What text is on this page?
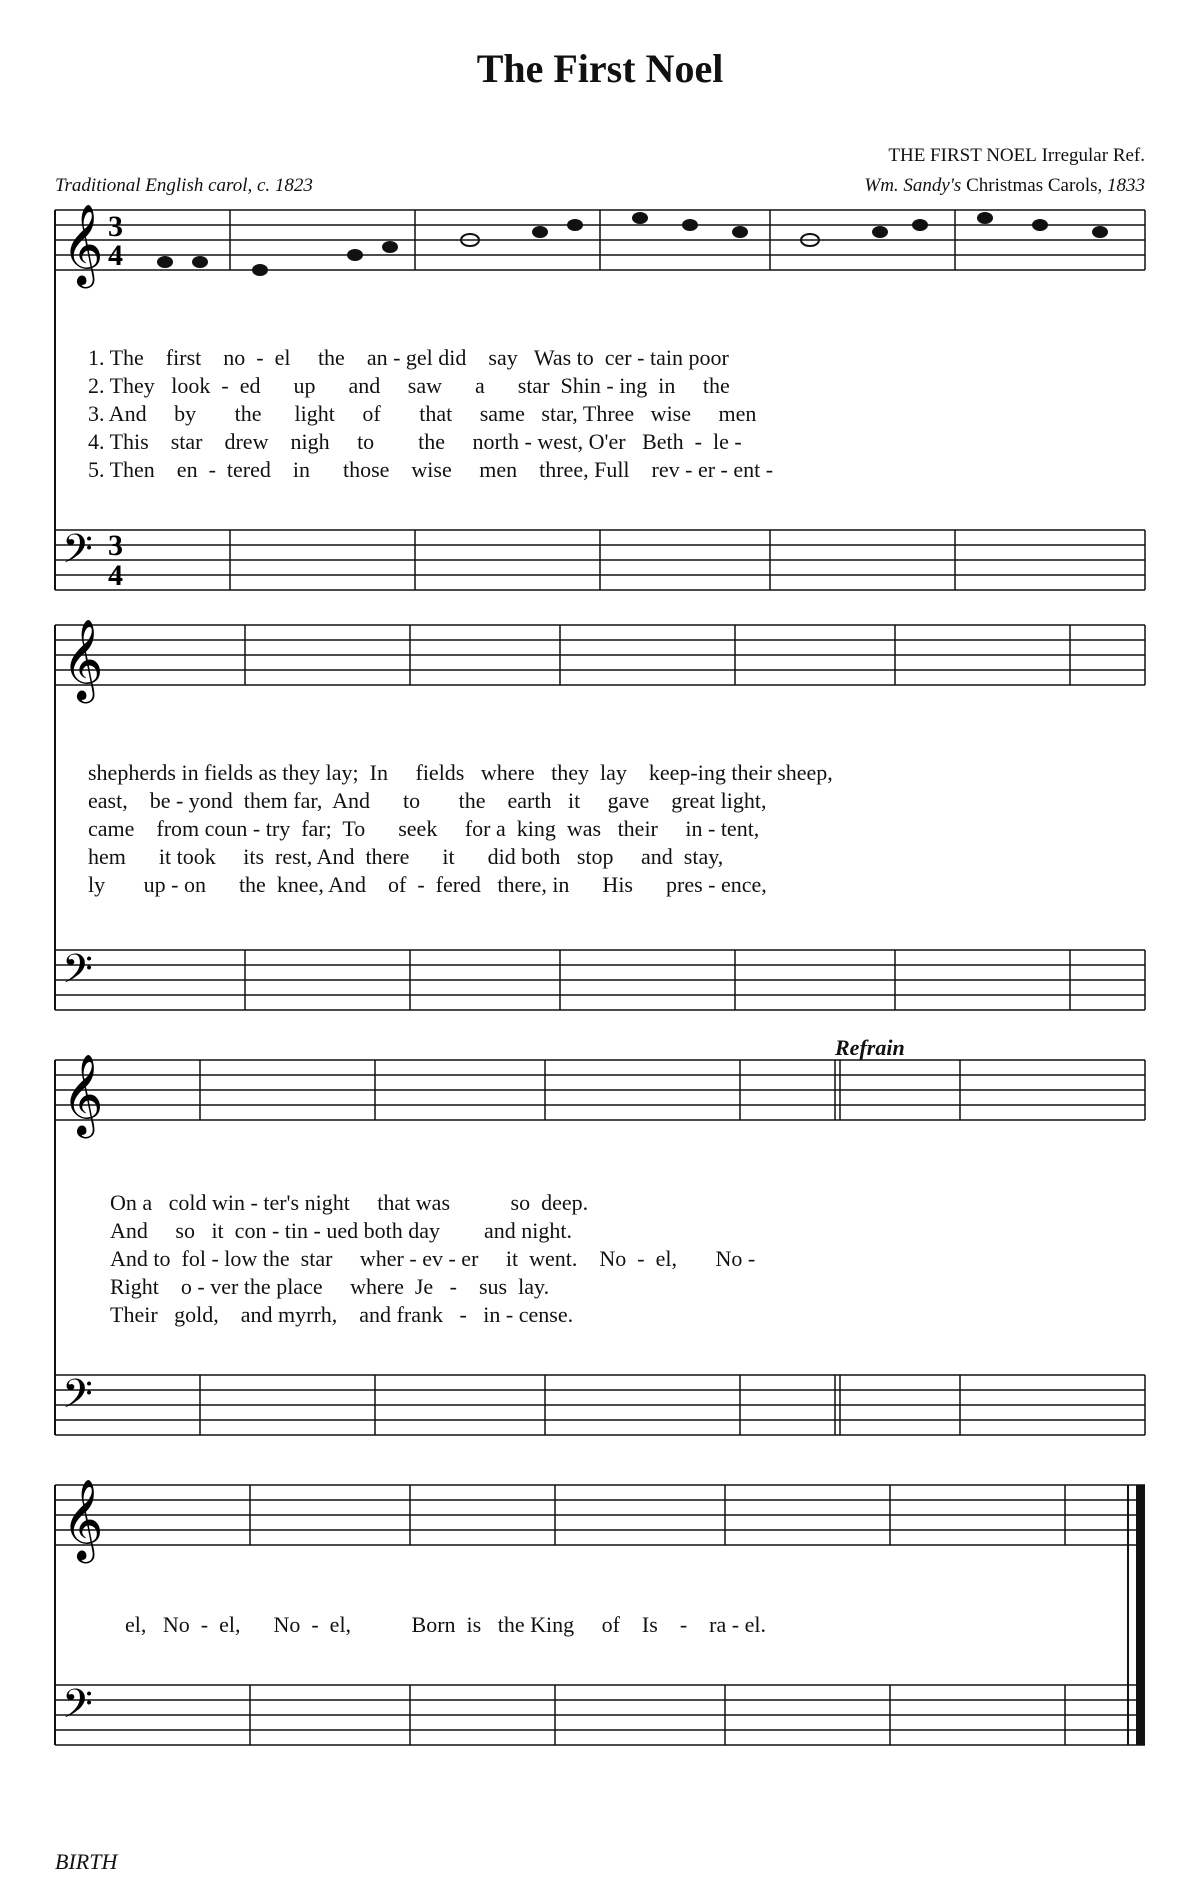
The First Noel
THE FIRST NOEL Irregular Ref.
Traditional English carol, c. 1823	Wm. Sandy's Christmas Carols, 1833
𝄞
𝄢
3
4
3
4
𝄞
𝄢
𝄞
𝄢
𝄞
𝄢
1. The    first    no  -  el     the    an - gel did    say   Was to  cer - tain poor
2. They   look  -  ed      up      and     saw      a      star  Shin - ing  in     the
3. And     by       the      light     of       that     same   star, Three   wise     men
4. This    star    drew    nigh     to        the     north - west, O'er   Beth  -  le -
5. Then    en  -  tered    in      those    wise     men    three, Full    rev - er - ent -
shepherds in fields as they lay;  In     fields   where   they  lay    keep-ing their sheep,
east,    be - yond  them far,  And      to       the    earth   it     gave    great light,
came    from coun - try  far;  To      seek     for a  king  was   their     in - tent,
hem      it took     its  rest, And  there      it      did both   stop     and  stay,
ly       up - on      the  knee, And    of  -  fered   there, in      His      pres - ence,
Refrain
On a   cold win - ter's night     that was           so  deep.
And     so   it  con - tin - ued both day        and night.
And to  fol - low the  star     wher - ev - er     it  went.    No  -  el,       No -
Right    o - ver the place     where  Je   -    sus  lay.
Their   gold,    and myrrh,    and frank   -   in - cense.
el,   No  -  el,      No  -  el,           Born  is   the King     of    Is    -    ra - el.
BIRTH
